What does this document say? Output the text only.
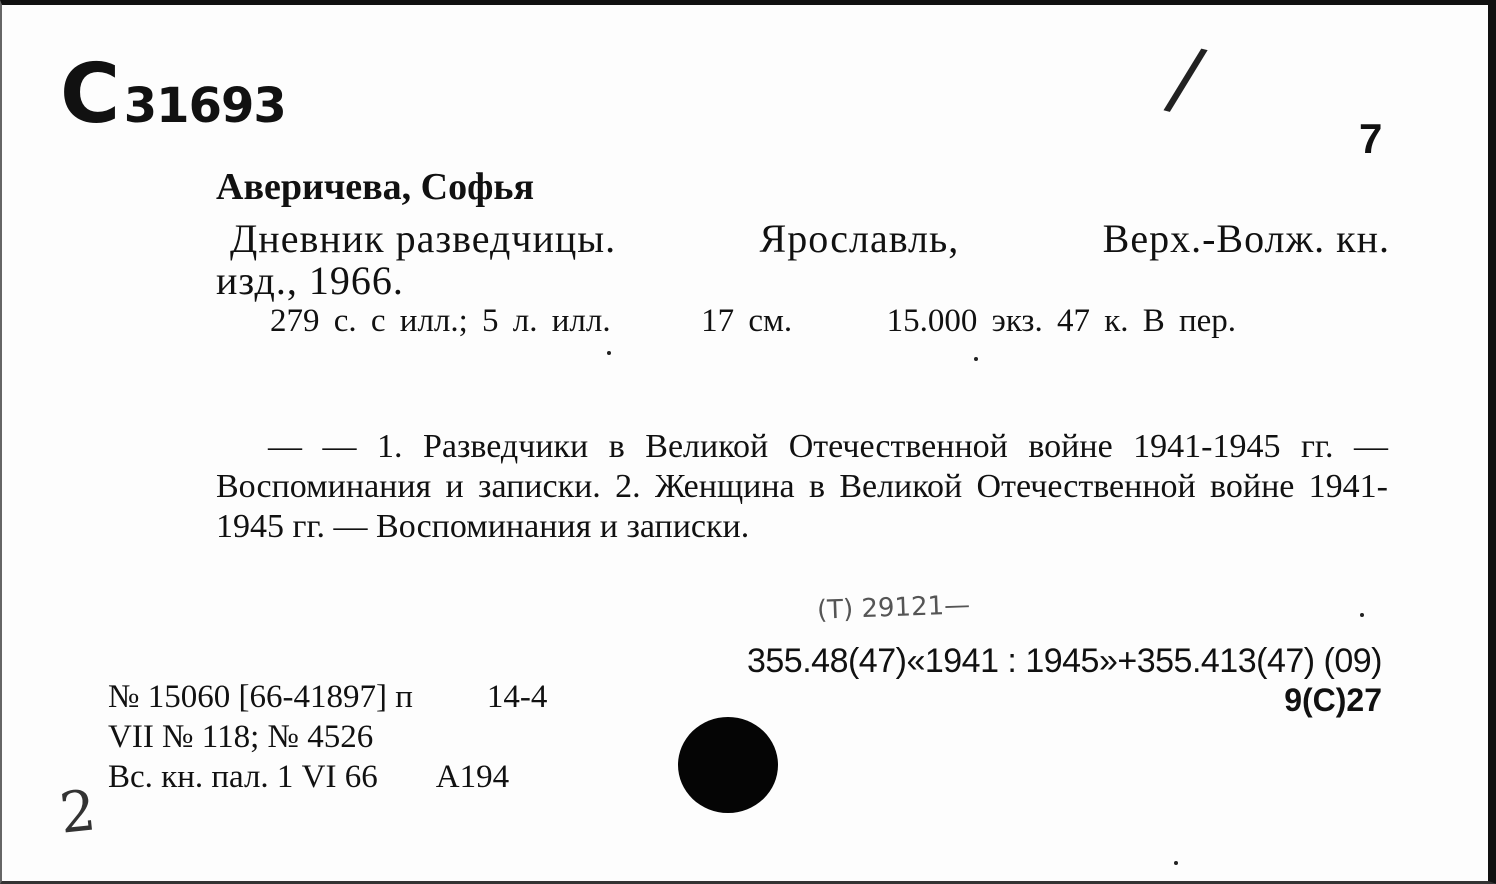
C 31693	/
7
Аверичева, Софья
Дневник разведчицы.	Ярославль,	Верх.-Волж. кн.
изд., 1966.
279 с. с илл.; 5 л. илл.	17 см.	15.000 экз. 47 к. В пер.
— — 1. Разведчики в Великой Отечественной войне 1941-1945 гг. — Воспоминания и записки. 2. Женщина в Великой Отечественной войне 1941-1945 гг. — Воспоминания и записки.
(Т) 29121—
355.48(47)«1941 : 1945»+355.413(47) (09)
9(С)27
№ 15060 [66-41897] п 14-4
VII № 118; № 4526
Вс. кн. пал. 1 VI 66 А194
2
